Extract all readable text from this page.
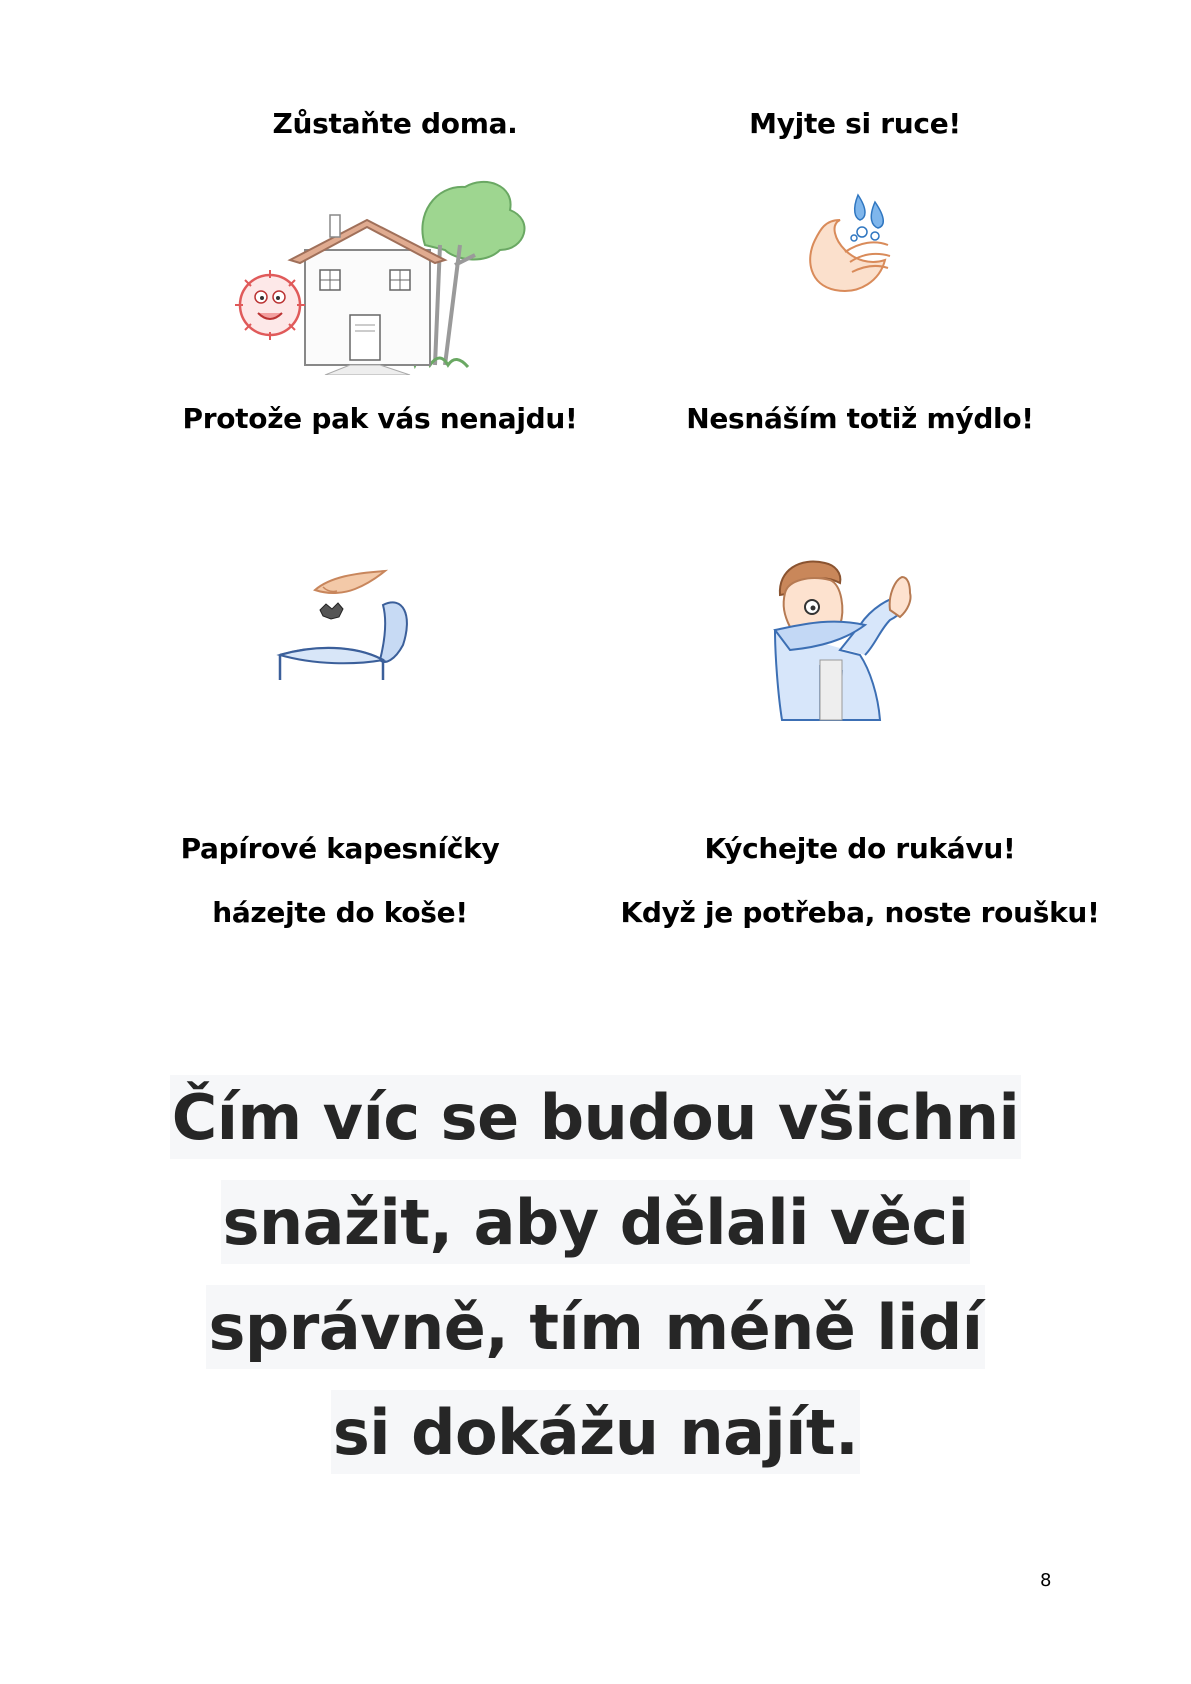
Zůstaňte doma.
Protože pak vás nenajdu!
Myjte si ruce!
Nesnáším totiž mýdlo!
Papírové kapesníčky
házejte do koše!
Kýchejte do rukávu!
Když je potřeba, noste roušku!
Čím víc se budou všichni
snažit, aby dělali věci
správně, tím méně lidí
si dokážu najít.
8
